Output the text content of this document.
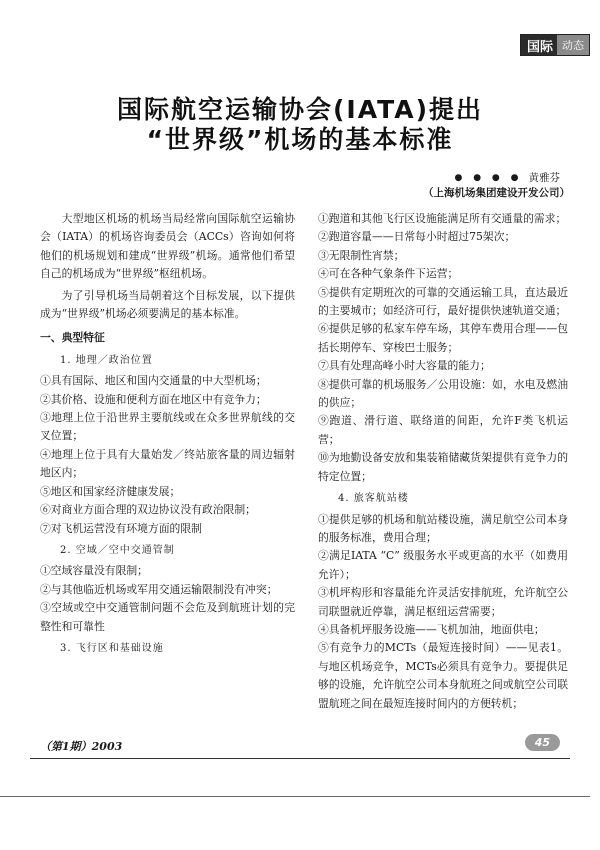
国际 动态
国际航空运输协会(IATA)提出
“世界级”机场的基本标准
● ● ● ● 黄雅芬
（上海机场集团建设开发公司）

大型地区机场的机场当局经常向国际航空运输协会（IATA）的机场咨询委员会（ACCs）咨询如何将他们的机场规划和建成“世界级”机场。通常他们希望自己的机场成为“世界级”枢纽机场。

为了引导机场当局朝着这个目标发展，以下提供成为“世界级”机场必须要满足的基本标准。

一、典型特征
1. 地理／政治位置

①具有国际、地区和国内交通量的中大型机场；

②其价格、设施和便利方面在地区中有竞争力；

③地理上位于沿世界主要航线或在众多世界航线的交叉位置；

④地理上位于具有大量始发／终站旅客量的周边辐射地区内；

⑤地区和国家经济健康发展；

⑥对商业方面合理的双边协议没有政治限制；

⑦对飞机运营没有环境方面的限制

2. 空域／空中交通管制

①空域容量没有限制；

②与其他临近机场或军用交通运输限制没有冲突；

③空域或空中交通管制问题不会危及到航班计划的完整性和可靠性

3. 飞行区和基础设施

①跑道和其他飞行区设施能满足所有交通量的需求；

②跑道容量——日常每小时超过75架次；

③无限制性宵禁；

④可在各种气象条件下运营；

⑤提供有定期班次的可靠的交通运输工具，直达最近的主要城市；如经济可行，最好提供快速轨道交通；

⑥提供足够的私家车停车场，其停车费用合理——包括长期停车、穿梭巴士服务；

⑦具有处理高峰小时大容量的能力；

⑧提供可靠的机场服务／公用设施：如，水电及燃油的供应；

⑨跑道、滑行道、联络道的间距，允许F类飞机运营；

⑩为地勤设备安放和集装箱储藏货架提供有竞争力的特定位置；

4. 旅客航站楼

①提供足够的机场和航站楼设施，满足航空公司本身的服务标准，费用合理；

②满足IATA “C” 级服务水平或更高的水平（如费用允许）；

③机坪构形和容量能允许灵活安排航班，允许航空公司联盟就近停靠，满足枢纽运营需要；

④具备机坪服务设施——飞机加油，地面供电；

⑤有竞争力的MCTs（最短连接时间）——见表1。与地区机场竞争，MCTs必须具有竞争力。要提供足够的设施，允许航空公司本身航班之间或航空公司联盟航班之间在最短连接时间内的方便转机；

（第1期）2003	45
